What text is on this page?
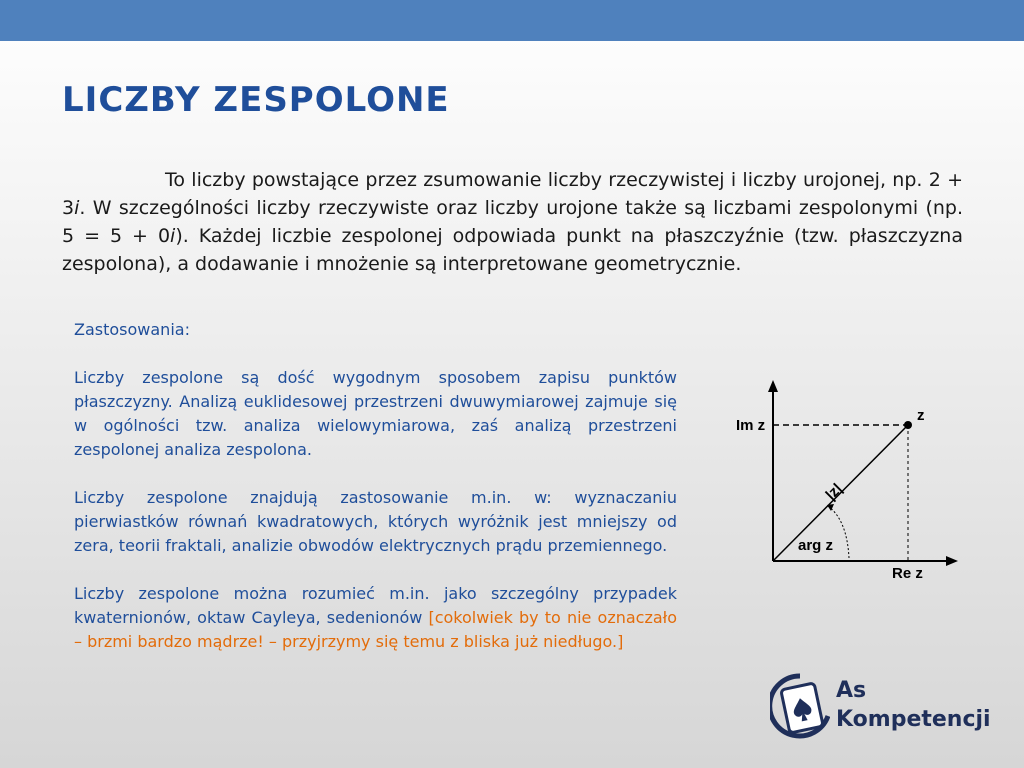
LICZBY ZESPOLONE

To liczby powstające przez zsumowanie liczby rzeczywistej i liczby urojonej, np. 2 + 3i. W szczególności liczby rzeczywiste oraz liczby urojone także są liczbami zespolonymi (np. 5 = 5 + 0i). Każdej liczbie zespolonej odpowiada punkt na płaszczyźnie (tzw. płaszczyzna zespolona), a dodawanie i mnożenie są interpretowane geometrycznie.

Zastosowania:

Liczby zespolone są dość wygodnym sposobem zapisu punktów płaszczyzny. Analizą euklidesowej przestrzeni dwuwymiarowej zajmuje się w ogólności tzw. analiza wielowymiarowa, zaś analizą przestrzeni zespolonej analiza zespolona.

Liczby zespolone znajdują zastosowanie m.in. w: wyznaczaniu pierwiastków równań kwadratowych, których wyróżnik jest mniejszy od zera, teorii fraktali, analizie obwodów elektrycznych prądu przemiennego.

Liczby zespolone można rozumieć m.in. jako szczególny przypadek kwaternionów, oktaw Cayleya, sedenionów [cokolwiek by to nie oznaczało – brzmi bardzo mądrze! – przyjrzymy się temu z bliska już niedługo.]

Im z
Re z
z
|z|
arg z
As
Kompetencji
